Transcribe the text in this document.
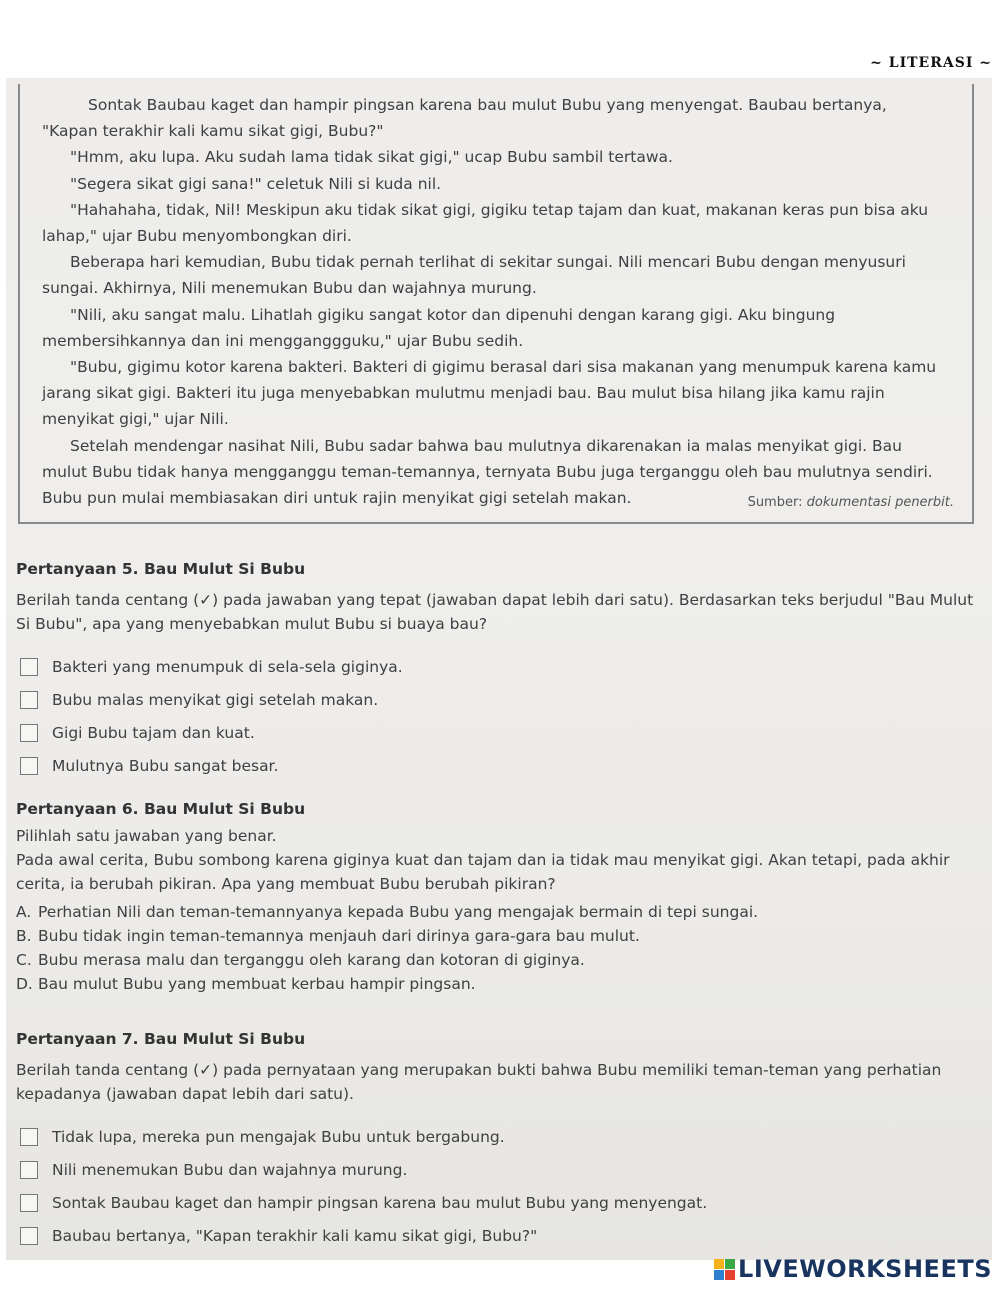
~ LITERASI ~

Sontak Baubau kaget dan hampir pingsan karena bau mulut Bubu yang menyengat. Baubau bertanya, "Kapan terakhir kali kamu sikat gigi, Bubu?"

"Hmm, aku lupa. Aku sudah lama tidak sikat gigi," ucap Bubu sambil tertawa.

"Segera sikat gigi sana!" celetuk Nili si kuda nil.

"Hahahaha, tidak, Nil! Meskipun aku tidak sikat gigi, gigiku tetap tajam dan kuat, makanan keras pun bisa aku lahap," ujar Bubu menyombongkan diri.

Beberapa hari kemudian, Bubu tidak pernah terlihat di sekitar sungai. Nili mencari Bubu dengan menyusuri sungai. Akhirnya, Nili menemukan Bubu dan wajahnya murung.

"Nili, aku sangat malu. Lihatlah gigiku sangat kotor dan dipenuhi dengan karang gigi. Aku bingung membersihkannya dan ini mengganggguku," ujar Bubu sedih.

"Bubu, gigimu kotor karena bakteri. Bakteri di gigimu berasal dari sisa makanan yang menumpuk karena kamu jarang sikat gigi. Bakteri itu juga menyebabkan mulutmu menjadi bau. Bau mulut bisa hilang jika kamu rajin menyikat gigi," ujar Nili.

Setelah mendengar nasihat Nili, Bubu sadar bahwa bau mulutnya dikarenakan ia malas menyikat gigi. Bau mulut Bubu tidak hanya mengganggu teman-temannya, ternyata Bubu juga terganggu oleh bau mulutnya sendiri. Bubu pun mulai membiasakan diri untuk rajin menyikat gigi setelah makan.	Sumber: dokumentasi penerbit.
Pertanyaan 5. Bau Mulut Si Bubu

Berilah tanda centang (✓) pada jawaban yang tepat (jawaban dapat lebih dari satu). Berdasarkan teks berjudul "Bau Mulut Si Bubu", apa yang menyebabkan mulut Bubu si buaya bau?

Bakteri yang menumpuk di sela-sela giginya.
Bubu malas menyikat gigi setelah makan.
Gigi Bubu tajam dan kuat.
Mulutnya Bubu sangat besar.
Pertanyaan 6. Bau Mulut Si Bubu

Pilihlah satu jawaban yang benar.

Pada awal cerita, Bubu sombong karena giginya kuat dan tajam dan ia tidak mau menyikat gigi. Akan tetapi, pada akhir cerita, ia berubah pikiran. Apa yang membuat Bubu berubah pikiran?

A. Perhatian Nili dan teman-temannyanya kepada Bubu yang mengajak bermain di tepi sungai.
B. Bubu tidak ingin teman-temannya menjauh dari dirinya gara-gara bau mulut.
C. Bubu merasa malu dan terganggu oleh karang dan kotoran di giginya.
D. Bau mulut Bubu yang membuat kerbau hampir pingsan.
Pertanyaan 7. Bau Mulut Si Bubu

Berilah tanda centang (✓) pada pernyataan yang merupakan bukti bahwa Bubu memiliki teman-teman yang perhatian kepadanya (jawaban dapat lebih dari satu).

Tidak lupa, mereka pun mengajak Bubu untuk bergabung.
Nili menemukan Bubu dan wajahnya murung.
Sontak Baubau kaget dan hampir pingsan karena bau mulut Bubu yang menyengat.
Baubau bertanya, "Kapan terakhir kali kamu sikat gigi, Bubu?"
LIVEWORKSHEETS
